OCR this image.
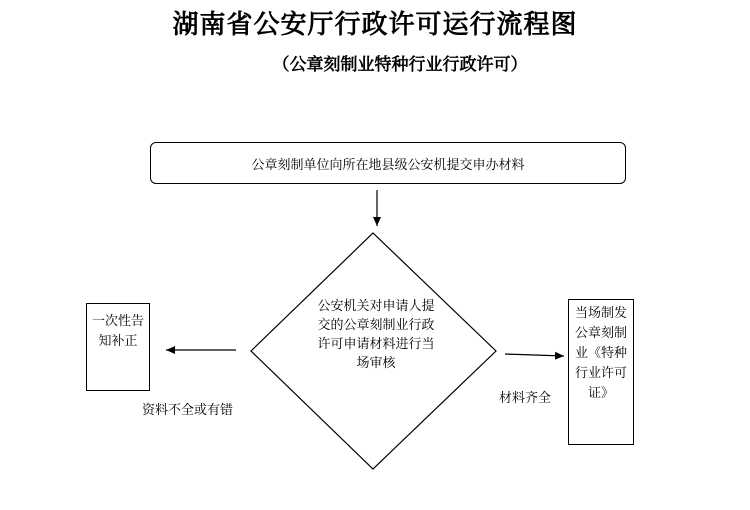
湖南省公安厅行政许可运行流程图
（公章刻制业特种行业行政许可）
公章刻制单位向所在地县级公安机提交申办材料
公安机关对申请人提交的公章刻制业行政许可申请材料进行当场审核
一次性告知补正
当场制发公章刻制业《特种行业许可证》
资料不全或有错
材料齐全
